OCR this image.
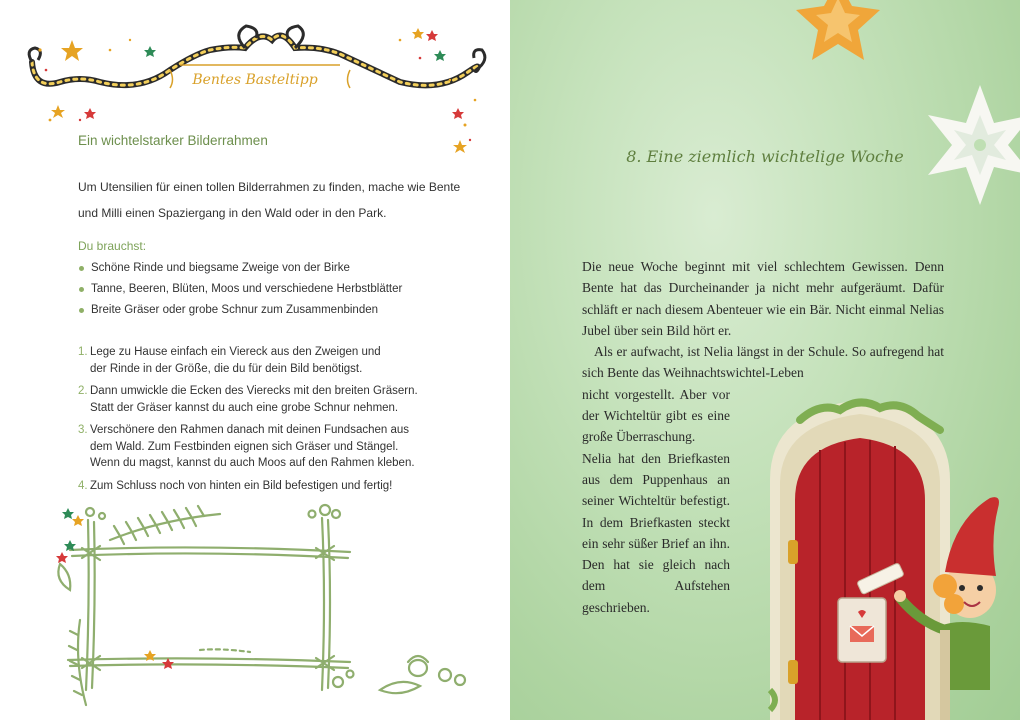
Bentes Basteltipp
Ein wichtelstarker Bilderrahmen
Um Utensilien für einen tollen Bilderrahmen zu finden, mache wie Bente und Milli einen Spaziergang in den Wald oder in den Park.
Du brauchst:
Schöne Rinde und biegsame Zweige von der Birke
Tanne, Beeren, Blüten, Moos und verschiedene Herbstblätter
Breite Gräser oder grobe Schnur zum Zusammenbinden
1. Lege zu Hause einfach ein Viereck aus den Zweigen und
der Rinde in der Größe, die du für dein Bild benötigst.
2. Dann umwickle die Ecken des Vierecks mit den breiten Gräsern.
Statt der Gräser kannst du auch eine grobe Schnur nehmen.
3. Verschönere den Rahmen danach mit deinen Fundsachen aus
dem Wald. Zum Festbinden eignen sich Gräser und Stängel.
Wenn du magst, kannst du auch Moos auf den Rahmen kleben.
4. Zum Schluss noch von hinten ein Bild befestigen und fertig!
8. Eine ziemlich wichtelige Woche

Die neue Woche beginnt mit viel schlechtem Gewissen. Denn Bente hat das Durcheinander ja nicht mehr aufgeräumt. Dafür schläft er nach diesem Abenteuer wie ein Bär. Nicht einmal Nelias Jubel über sein Bild hört er.

Als er aufwacht, ist Nelia längst in der Schule. So aufregend hat sich Bente das Weihnachtswichtel-Leben

nicht vorgestellt. Aber vor der Wichteltür gibt es eine große Überraschung.

Nelia hat den Briefkasten aus dem Puppenhaus an seiner Wichteltür befestigt. In dem Briefkasten steckt ein sehr süßer Brief an ihn. Den hat sie gleich nach dem Aufstehen geschrieben.
